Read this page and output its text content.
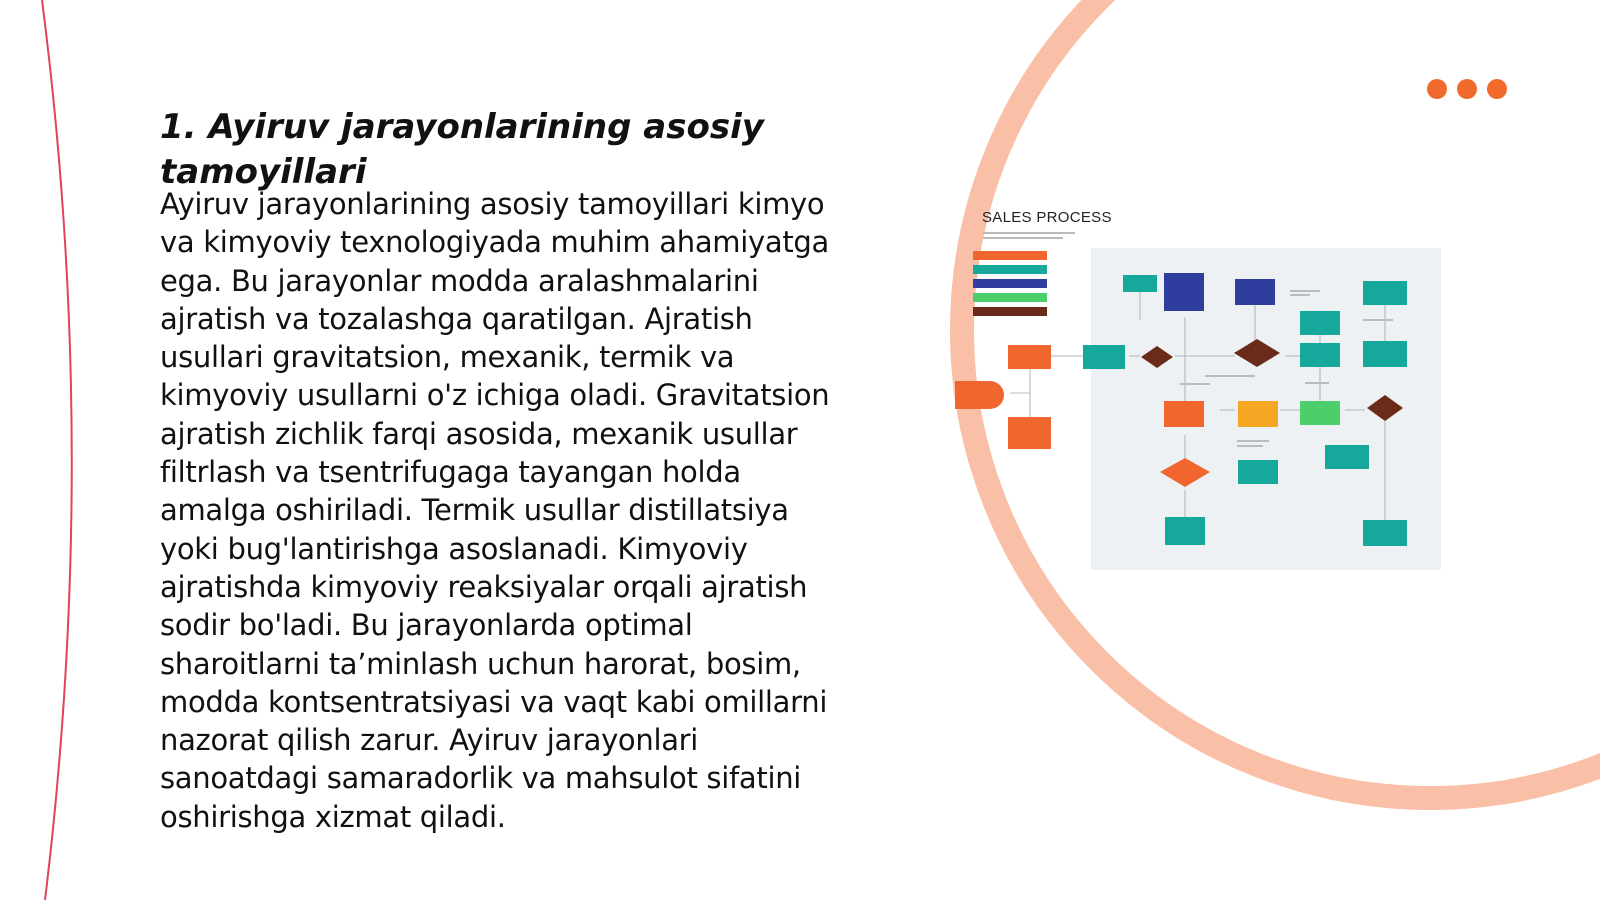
1. Ayiruv jarayonlarining asosiy tamoyillari

Ayiruv jarayonlarining asosiy tamoyillari kimyo va kimyoviy texnologiyada muhim ahamiyatga ega. Bu jarayonlar modda aralashmalarini ajratish va tozalashga qaratilgan. Ajratish usullari gravitatsion, mexanik, termik va kimyoviy usullarni o'z ichiga oladi. Gravitatsion ajratish zichlik farqi asosida, mexanik usullar filtrlash va tsentrifugaga tayangan holda amalga oshiriladi. Termik usullar distillatsiya yoki bug'lantirishga asoslanadi. Kimyoviy ajratishda kimyoviy reaksiyalar orqali ajratish sodir bo'ladi. Bu jarayonlarda optimal sharoitlarni ta’minlash uchun harorat, bosim, modda kontsentratsiyasi va vaqt kabi omillarni nazorat qilish zarur. Ayiruv jarayonlari sanoatdagi samaradorlik va mahsulot sifatini oshirishga xizmat qiladi.

SALES PROCESS
